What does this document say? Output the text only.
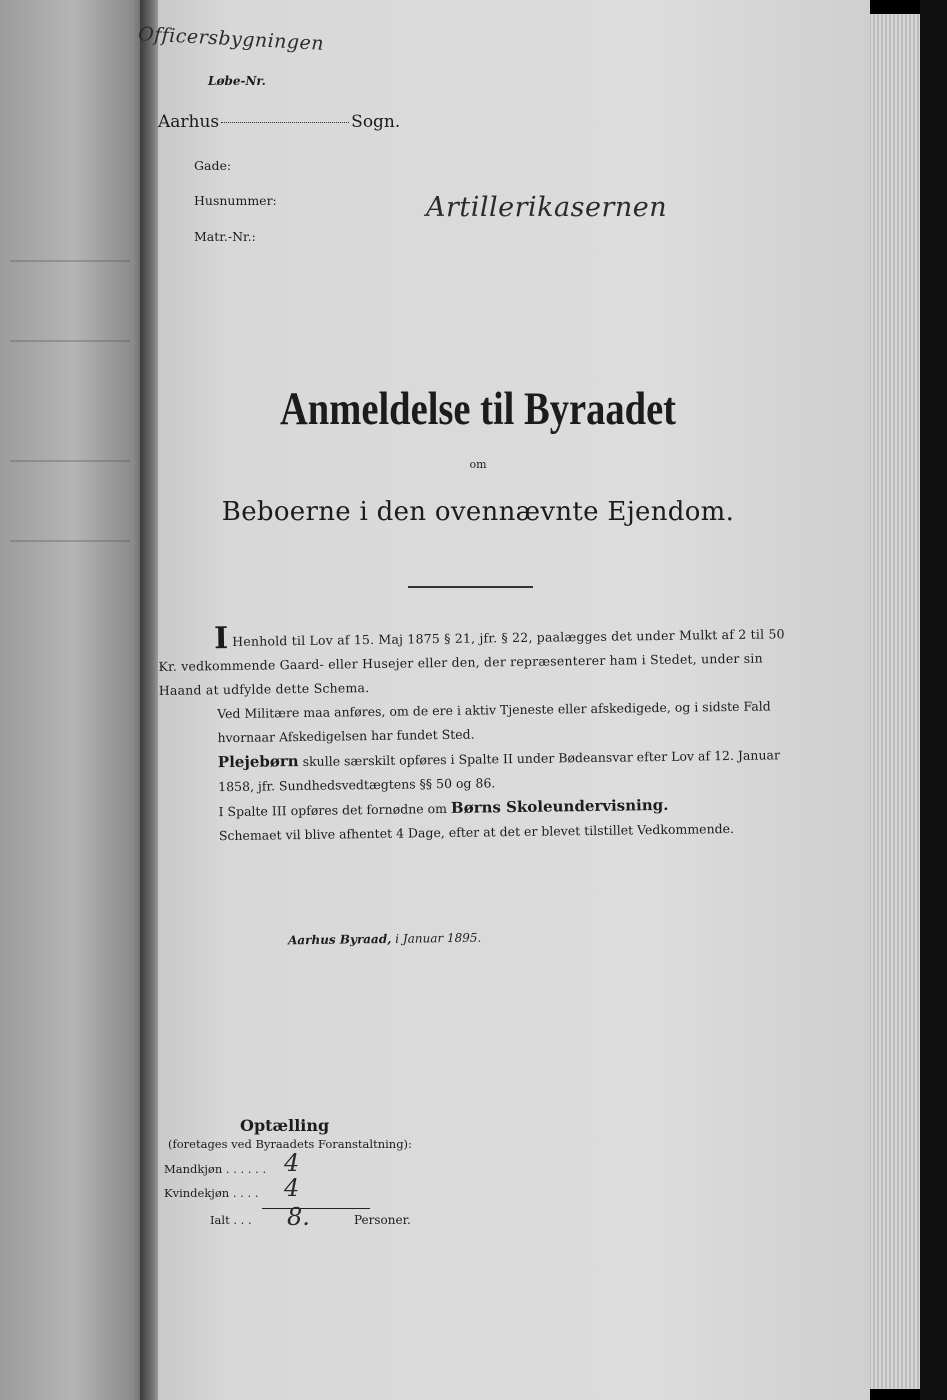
Officersbygningen
Løbe-Nr.
Aarhus	Sogn.
Gade:
Husnummer:	Artillerikasernen
Matr.-Nr.:
Anmeldelse til Byraadet
om
Beboerne i den ovennævnte Ejendom.

I Henhold til Lov af 15. Maj 1875 § 21, jfr. § 22, paalægges det under Mulkt af 2 til 50 Kr. vedkommende Gaard- eller Husejer eller den, der repræsenterer ham i Stedet, under sin Haand at udfylde dette Schema.

Ved Militære maa anføres, om de ere i aktiv Tjeneste eller afskedigede, og i sidste Fald hvornaar Afskedigelsen har fundet Sted.

Plejebørn skulle særskilt opføres i Spalte II under Bødeansvar efter Lov af 12. Januar 1858, jfr. Sundhedsvedtægtens §§ 50 og 86.

I Spalte III opføres det fornødne om Børns Skoleundervisning.

Schemaet vil blive afhentet 4 Dage, efter at det er blevet tilstillet Vedkommende.

Aarhus Byraad, i Januar 1895.
Optælling
(foretages ved Byraadets Foranstaltning):
Mandkjøn . . . . . . 4
Kvindekjøn . . . . 4
Ialt . . . 8.	Personer.
